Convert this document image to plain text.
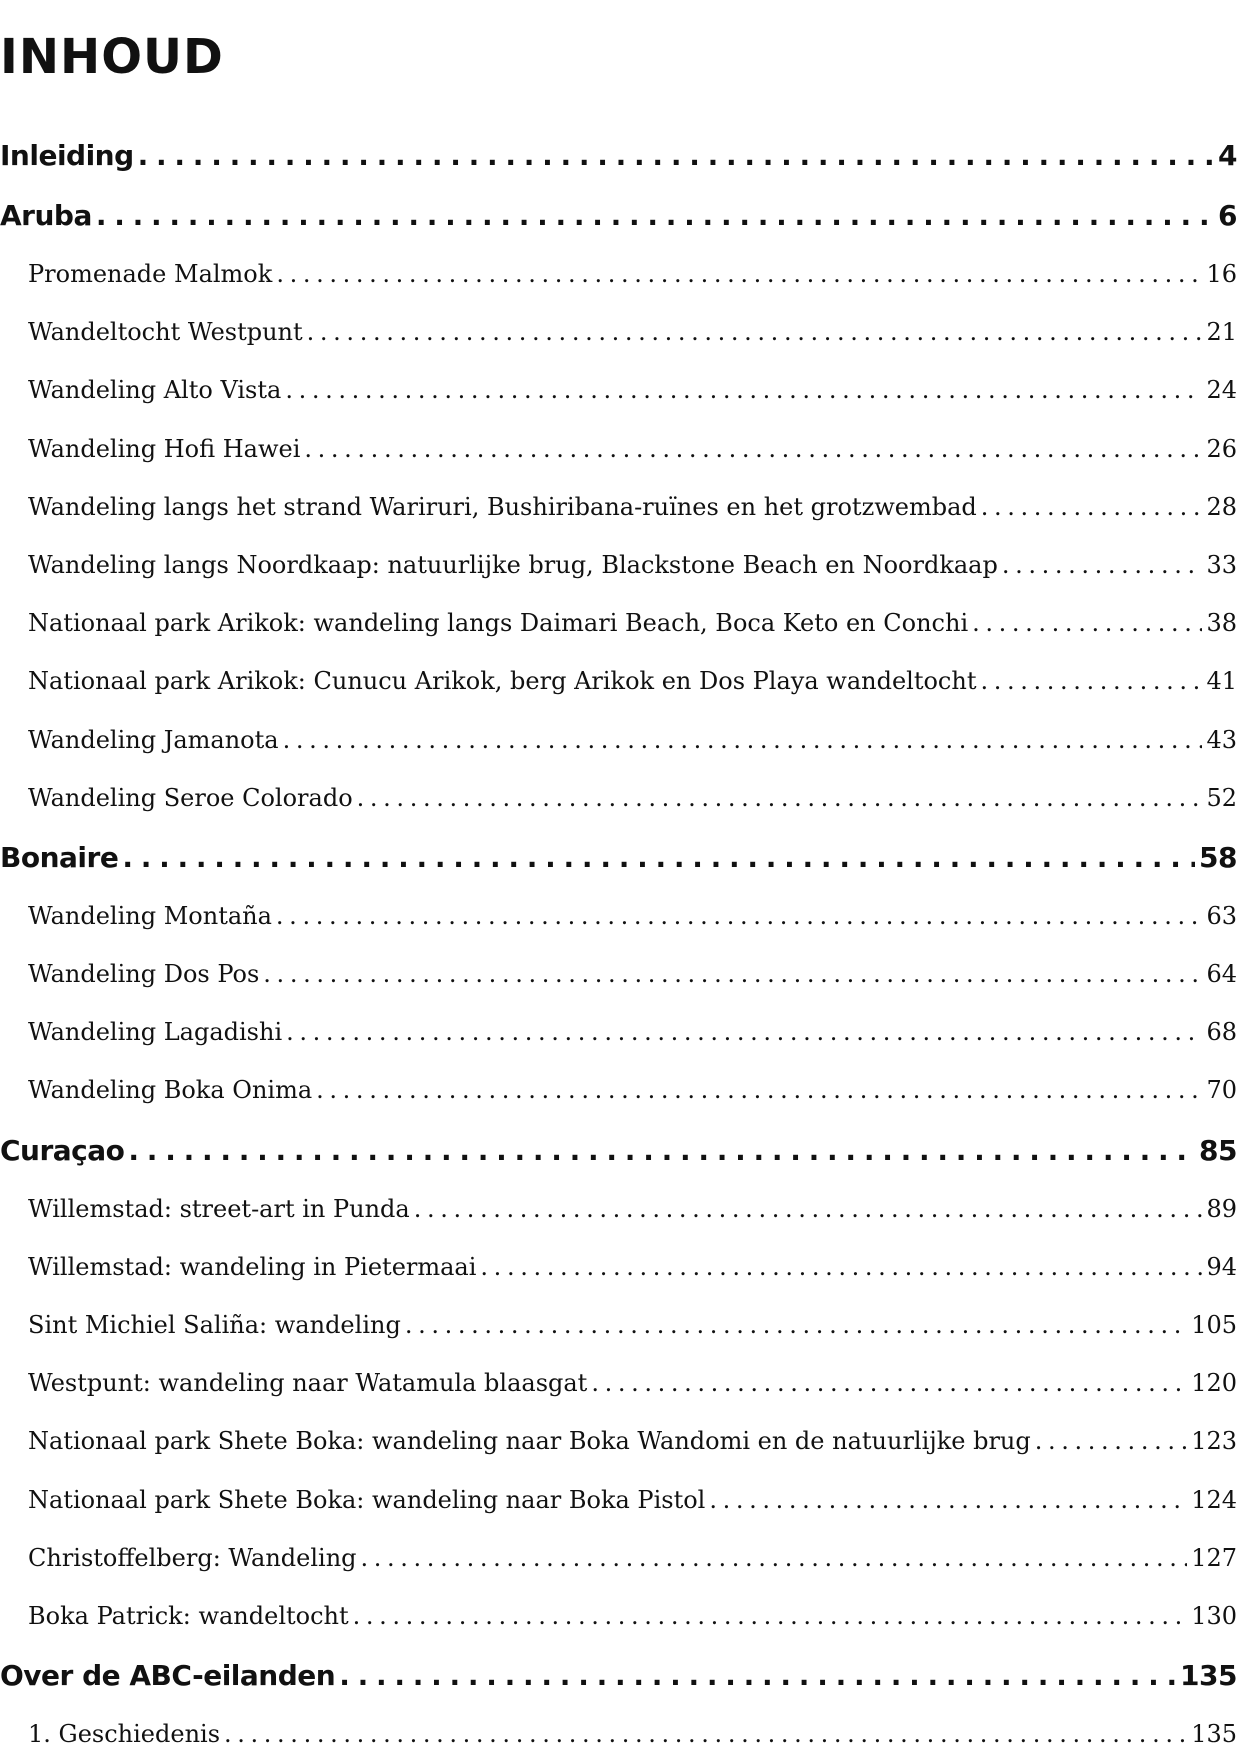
INHOUD
Inleiding . . .	4
Aruba . . .	6
Promenade Malmok . . .	16
Wandeltocht Westpunt . . .	21
Wandeling Alto Vista . . .	24
Wandeling Hofi Hawei . . .	26
Wandeling langs het strand Wariruri, Bushiribana-ruïnes en het grotzwembad . . .	28
Wandeling langs Noordkaap: natuurlijke brug, Blackstone Beach en Noordkaap . . .	33
Nationaal park Arikok: wandeling langs Daimari Beach, Boca Keto en Conchi . . .	38
Nationaal park Arikok: Cunucu Arikok, berg Arikok en Dos Playa wandeltocht . . .	41
Wandeling Jamanota . . .	43
Wandeling Seroe Colorado . . .	52
Bonaire . . .	58
Wandeling Montaña . . .	63
Wandeling Dos Pos . . .	64
Wandeling Lagadishi . . .	68
Wandeling Boka Onima . . .	70
Curaçao . . .	85
Willemstad: street-art in Punda . . .	89
Willemstad: wandeling in Pietermaai . . .	94
Sint Michiel Saliña: wandeling . . .	105
Westpunt: wandeling naar Watamula blaasgat . . .	120
Nationaal park Shete Boka: wandeling naar Boka Wandomi en de natuurlijke brug . . .	123
Nationaal park Shete Boka: wandeling naar Boka Pistol . . .	124
Christoffelberg: Wandeling . . .	127
Boka Patrick: wandeltocht . . .	130
Over de ABC-eilanden . . .	135
1. Geschiedenis . . .	135
